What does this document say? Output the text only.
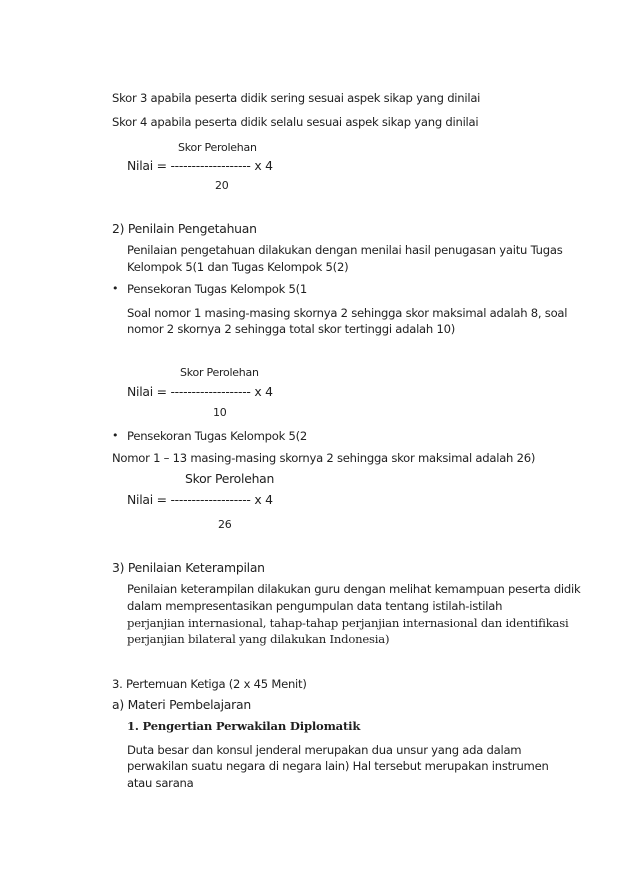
Skor 3 apabila peserta didik sering sesuai aspek sikap yang dinilai
Skor 4 apabila peserta didik selalu sesuai aspek sikap yang dinilai
Skor Perolehan
Nilai = ------------------- x 4
20
2) Penilain Pengetahuan
Penilaian pengetahuan dilakukan dengan menilai hasil penugasan yaitu Tugas
Kelompok 5(1 dan Tugas Kelompok 5(2)
• Pensekoran Tugas Kelompok 5(1
Soal nomor 1 masing-masing skornya 2 sehingga skor maksimal adalah 8, soal
nomor 2 skornya 2 sehingga total skor tertinggi adalah 10)
Skor Perolehan
Nilai = ------------------- x 4
10
• Pensekoran Tugas Kelompok 5(2
Nomor 1 – 13 masing-masing skornya 2 sehingga skor maksimal adalah 26)
Skor Perolehan
Nilai = ------------------- x 4
26
3) Penilaian Keterampilan
Penilaian keterampilan dilakukan guru dengan melihat kemampuan peserta didik
dalam mempresentasikan pengumpulan data tentang istilah-istilah
perjanjian internasional, tahap-tahap perjanjian internasional dan identifikasi
perjanjian bilateral yang dilakukan Indonesia)
3. Pertemuan Ketiga (2 x 45 Menit)
a) Materi Pembelajaran
1. Pengertian Perwakilan Diplomatik
Duta besar dan konsul jenderal merupakan dua unsur yang ada dalam
perwakilan suatu negara di negara lain) Hal tersebut merupakan instrumen
atau sarana
